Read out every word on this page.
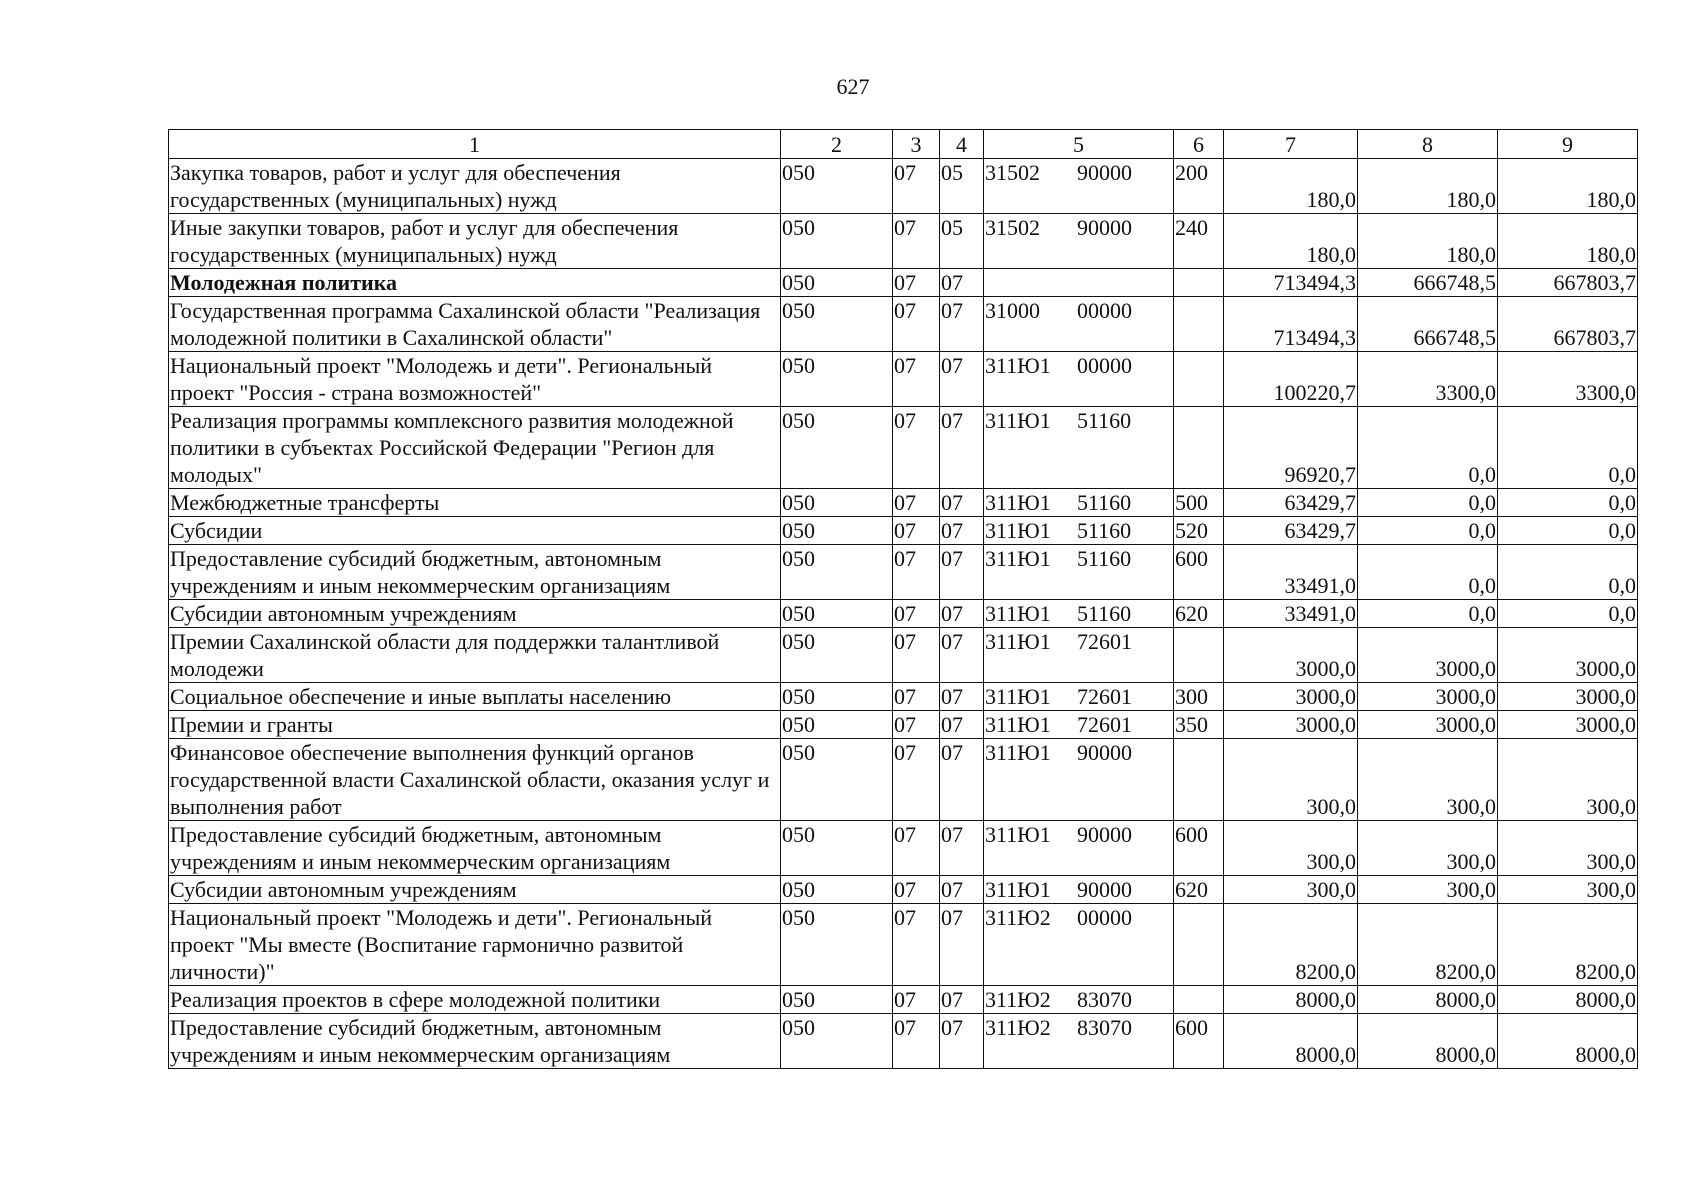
627
1	2	3	4	5	6	7	8	9
Закупка товаров, работ и услуг для обеспечения государственных (муниципальных) нужд	050	07	05	31502 90000	200	180,0	180,0	180,0
Иные закупки товаров, работ и услуг для обеспечения государственных (муниципальных) нужд	050	07	05	31502 90000	240	180,0	180,0	180,0
Молодежная политика	050	07	07			713494,3	666748,5	667803,7
Государственная программа Сахалинской области "Реализация молодежной политики в Сахалинской области"	050	07	07	31000 00000		713494,3	666748,5	667803,7
Национальный проект "Молодежь и дети". Региональный проект "Россия - страна возможностей"	050	07	07	311Ю1 00000		100220,7	3300,0	3300,0
Реализация программы комплексного развития молодежной политики в субъектах Российской Федерации "Регион для молодых"	050	07	07	311Ю1 51160		96920,7	0,0	0,0
Межбюджетные трансферты	050	07	07	311Ю1 51160	500	63429,7	0,0	0,0
Субсидии	050	07	07	311Ю1 51160	520	63429,7	0,0	0,0
Предоставление субсидий бюджетным, автономным учреждениям и иным некоммерческим организациям	050	07	07	311Ю1 51160	600	33491,0	0,0	0,0
Субсидии автономным учреждениям	050	07	07	311Ю1 51160	620	33491,0	0,0	0,0
Премии Сахалинской области для поддержки талантливой молодежи	050	07	07	311Ю1 72601		3000,0	3000,0	3000,0
Социальное обеспечение и иные выплаты населению	050	07	07	311Ю1 72601	300	3000,0	3000,0	3000,0
Премии и гранты	050	07	07	311Ю1 72601	350	3000,0	3000,0	3000,0
Финансовое обеспечение выполнения функций органов государственной власти Сахалинской области, оказания услуг и выполнения работ	050	07	07	311Ю1 90000		300,0	300,0	300,0
Предоставление субсидий бюджетным, автономным учреждениям и иным некоммерческим организациям	050	07	07	311Ю1 90000	600	300,0	300,0	300,0
Субсидии автономным учреждениям	050	07	07	311Ю1 90000	620	300,0	300,0	300,0
Национальный проект "Молодежь и дети". Региональный проект "Мы вместе (Воспитание гармонично развитой личности)"	050	07	07	311Ю2 00000		8200,0	8200,0	8200,0
Реализация проектов в сфере молодежной политики	050	07	07	311Ю2 83070		8000,0	8000,0	8000,0
Предоставление субсидий бюджетным, автономным учреждениям и иным некоммерческим организациям	050	07	07	311Ю2 83070	600	8000,0	8000,0	8000,0
